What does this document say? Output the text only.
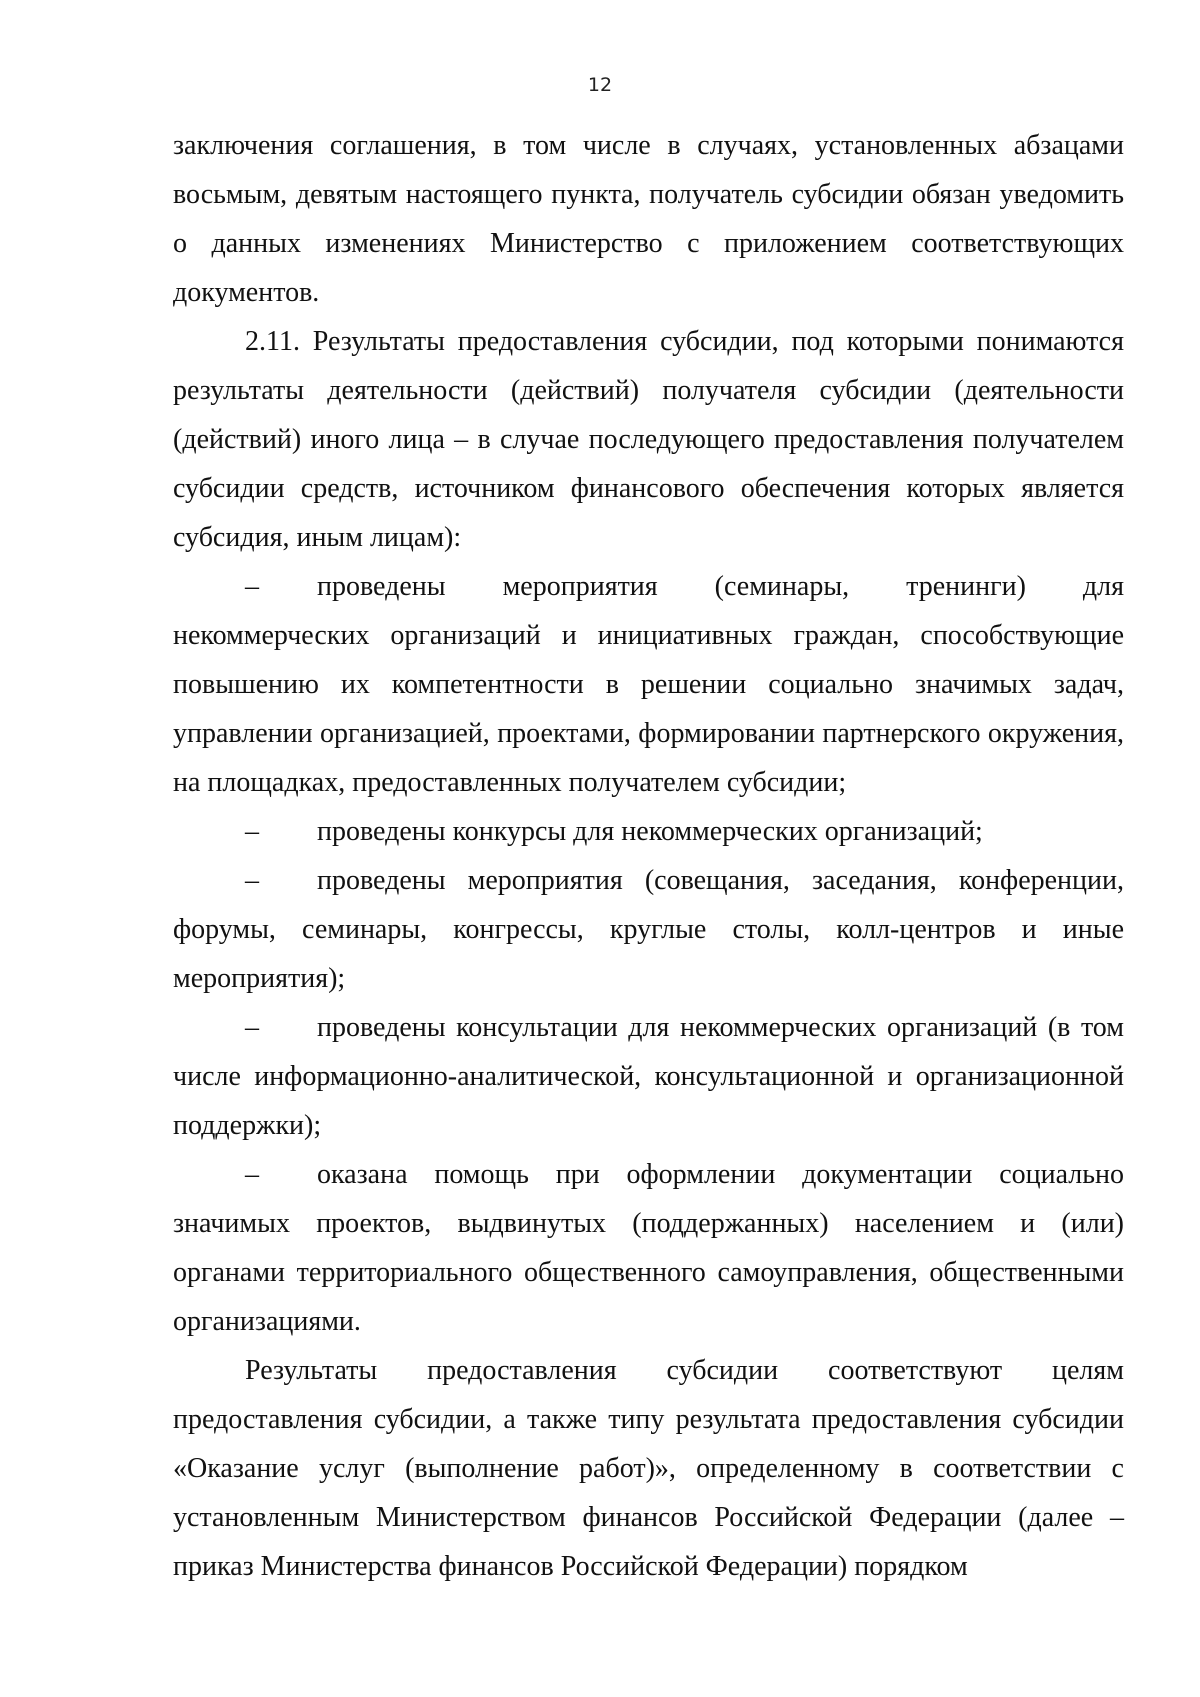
12

заключения соглашения, в том числе в случаях, установленных абзацами восьмым, девятым настоящего пункта, получатель субсидии обязан уведомить о данных изменениях Министерство с приложением соответствующих документов.

2.11. Результаты предоставления субсидии, под которыми понимаются результаты деятельности (действий) получателя субсидии (деятельности (действий) иного лица – в случае последующего предоставления получателем субсидии средств, источником финансового обеспечения которых является субсидия, иным лицам):

– проведены мероприятия (семинары, тренинги) для некоммерческих организаций и инициативных граждан, способствующие повышению их компетентности в решении социально значимых задач, управлении организацией, проектами, формировании партнерского окружения, на площадках, предоставленных получателем субсидии;

– проведены конкурсы для некоммерческих организаций;

– проведены мероприятия (совещания, заседания, конференции, форумы, семинары, конгрессы, круглые столы, колл-центров и иные мероприятия);

– проведены консультации для некоммерческих организаций (в том числе информационно-аналитической, консультационной и организационной поддержки);

– оказана помощь при оформлении документации социально значимых проектов, выдвинутых (поддержанных) населением и (или) органами территориального общественного самоуправления, общественными организациями.

Результаты предоставления субсидии соответствуют целям предоставления субсидии, а также типу результата предоставления субсидии «Оказание услуг (выполнение работ)», определенному в соответствии с установленным Министерством финансов Российской Федерации (далее – приказ Министерства финансов Российской Федерации) порядком
